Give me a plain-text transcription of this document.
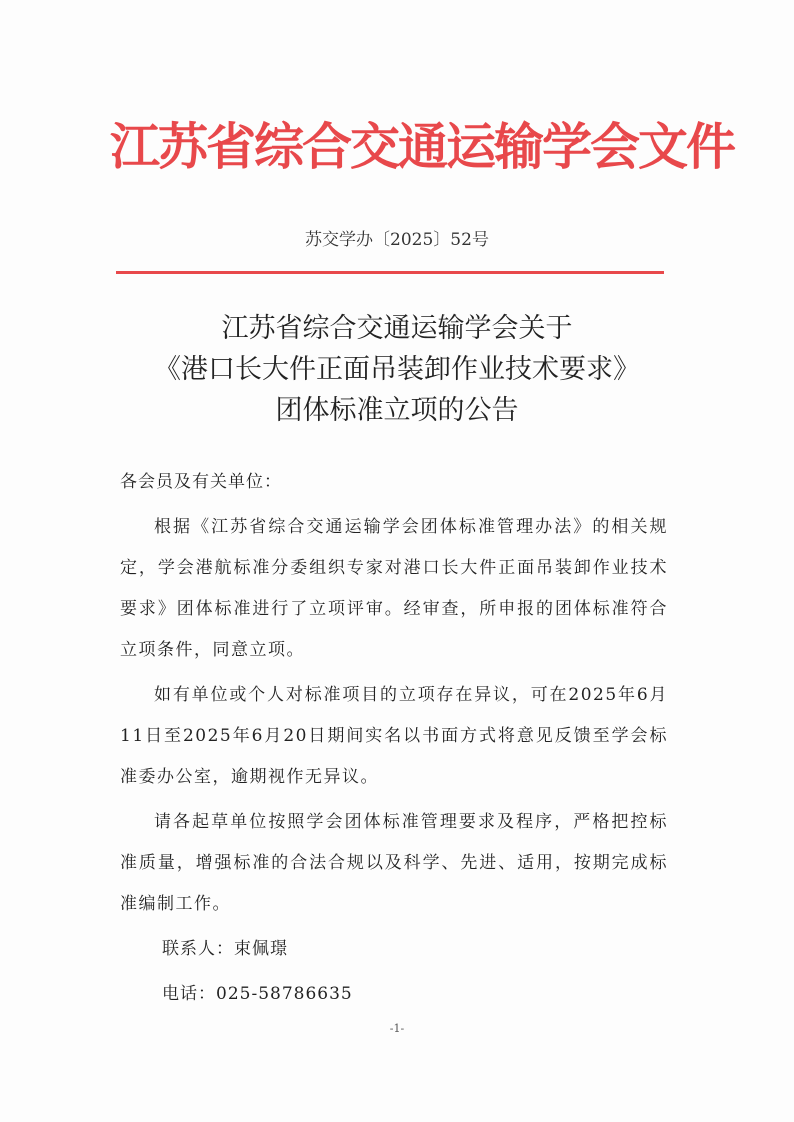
江苏省综合交通运输学会文件
苏交学办〔2025〕52号
江苏省综合交通运输学会关于
《港口长大件正面吊装卸作业技术要求》
团体标准立项的公告

各会员及有关单位：

根据《江苏省综合交通运输学会团体标准管理办法》的相关规定，学会港航标准分委组织专家对港口长大件正面吊装卸作业技术要求》团体标准进行了立项评审。经审查，所申报的团体标准符合立项条件，同意立项。

如有单位或个人对标准项目的立项存在异议，可在2025年6月11日至2025年6月20日期间实名以书面方式将意见反馈至学会标准委办公室，逾期视作无异议。

请各起草单位按照学会团体标准管理要求及程序，严格把控标准质量，增强标准的合法合规以及科学、先进、适用，按期完成标准编制工作。

联系人：束佩璟

电话：025-58786635

-1-
